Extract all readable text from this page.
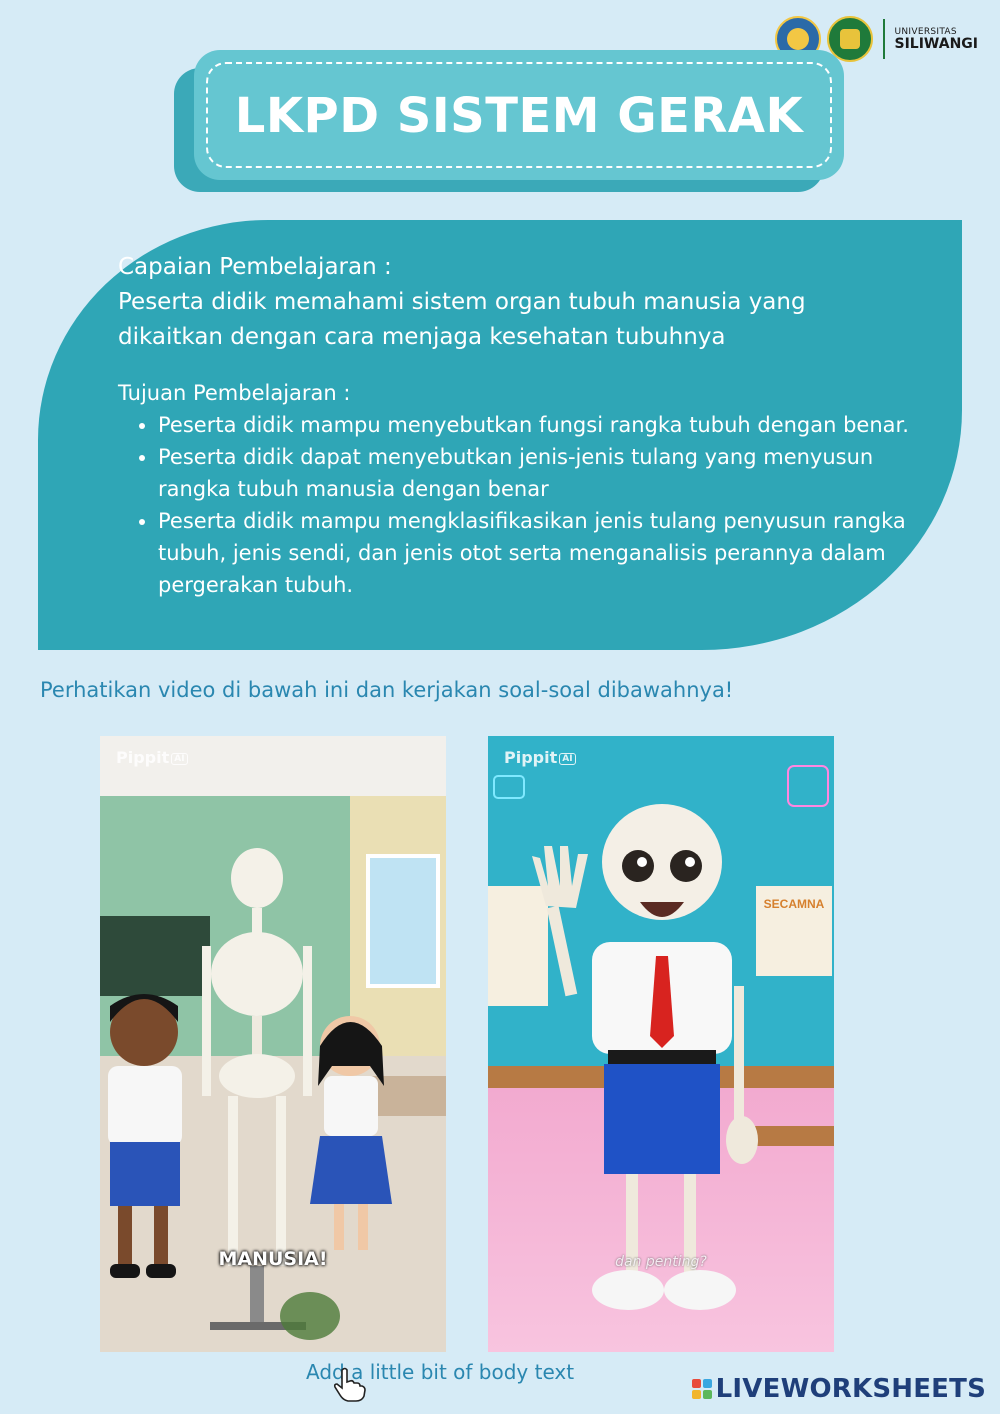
UNIVERSITAS
SILIWANGI
LKPD SISTEM GERAK

Capaian Pembelajaran :

Peserta didik memahami sistem organ tubuh manusia yang

dikaitkan dengan cara menjaga kesehatan tubuhnya

Tujuan Pembelajaran :

• Peserta didik mampu menyebutkan fungsi rangka tubuh dengan benar.
• Peserta didik dapat menyebutkan jenis-jenis tulang yang menyusun rangka tubuh manusia dengan benar
• Peserta didik mampu mengklasifikasikan jenis tulang penyusun rangka tubuh, jenis sendi, dan jenis otot serta menganalisis perannya dalam pergerakan tubuh.
Perhatikan video di bawah ini dan kerjakan soal-soal dibawahnya!
Pippit AI
MANUSIA!
SECAMNA
Pippit AI
dan penting?
Add a little bit of body text
LIVEWORKSHEETS
